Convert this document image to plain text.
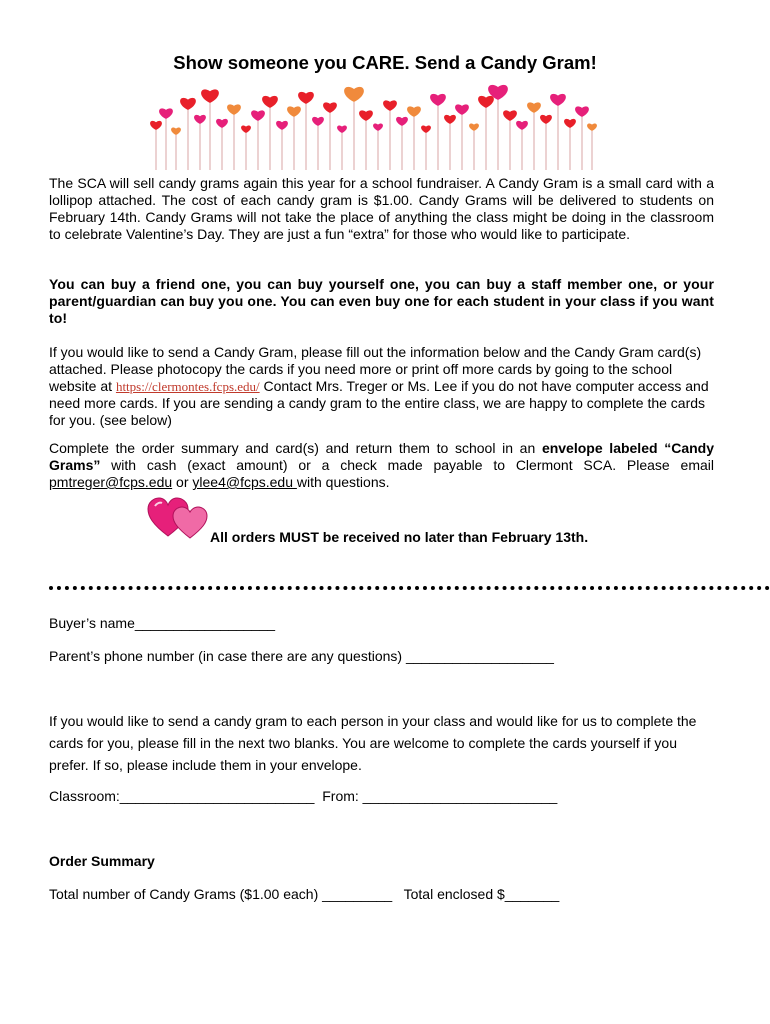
Show someone you CARE. Send a Candy Gram!
The SCA will sell candy grams again this year for a school fundraiser. A Candy Gram is a small card with a lollipop attached. The cost of each candy gram is $1.00. Candy Grams will be delivered to students on February 14th. Candy Grams will not take the place of anything the class might be doing in the classroom to celebrate Valentine’s Day. They are just a fun “extra” for those who would like to participate.
You can buy a friend one, you can buy yourself one, you can buy a staff member one, or your parent/guardian can buy you one. You can even buy one for each student in your class if you want to!
If you would like to send a Candy Gram, please fill out the information below and the Candy Gram card(s) attached. Please photocopy the cards if you need more or print off more cards by going to the school website at https://clermontes.fcps.edu/ Contact Mrs. Treger or Ms. Lee if you do not have computer access and need more cards. If you are sending a candy gram to the entire class, we are happy to complete the cards for you. (see below)
Complete the order summary and card(s) and return them to school in an envelope labeled “Candy Grams” with cash (exact amount) or a check made payable to Clermont SCA. Please email pmtreger@fcps.edu or ylee4@fcps.edu with questions.
All orders MUST be received no later than February 13th.
Buyer’s name__________________
Parent’s phone number (in case there are any questions) ___________________
If you would like to send a candy gram to each person in your class and would like for us to complete the cards for you, please fill in the next two blanks. You are welcome to complete the cards yourself if you prefer. If so, please include them in your envelope.
Classroom:_________________________  From: _________________________
Order Summary
Total number of Candy Grams ($1.00 each) _________   Total enclosed $_______
